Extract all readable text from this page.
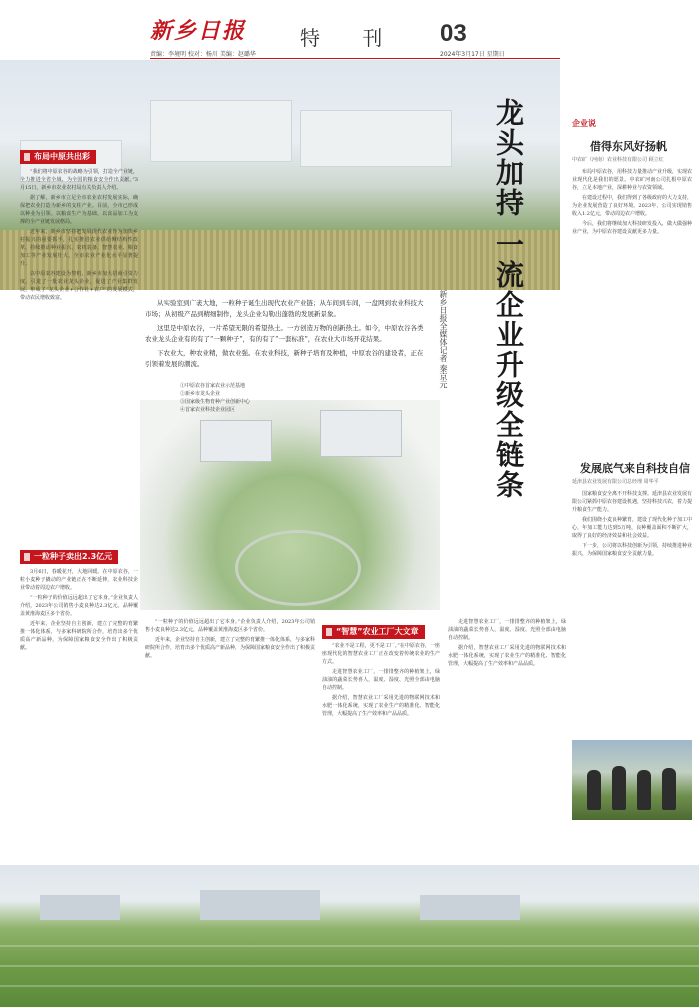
新乡日报	特 刊 03
责编：李境明 校对：杨川 美编：赵璐华	2024年3月17日 星期日
龙头加持 一流企业升级全链条
新乡日报全媒体记者 秦京元
布局中原共出彩

“我们将中原农谷的战略为引领，打造全产业链，全力推进全省全域、为全国的粮食安全作出贡献。”3月15日，新乡市农业农村局有关负责人介绍。

据了解，新乡市立足全市农业农村发展实际，确保把农业打造为新乡的支柱产业。目前，全市已形成以种业为引领、以粮食生产为基础、以食品加工为支撑的全产业链发展格局。

近年来，新乡市坚持把发展现代农业作为加快乡村振兴的重要抓手，扎实推进农业供给侧结构性改革，持续推动种业振兴、农机装备、智慧农业、粮食加工等产业发展壮大，全市农业产业化水平显著提升。

以中原农谷建设为契机，新乡市加大招商引资力度，引进了一批农业龙头企业，促进了产业集群发展，形成了“龙头企业+合作社+农户”的发展模式，带动农民增收致富。

一粒种子卖出2.3亿元

3月6日，春暖花开，大地回暖。在中原农谷，一粒小麦种子撬动的产业链正在不断延伸，农业科技企业带动着周边农户增收。

“一粒种子的价值远远超出了它本身。”企业负责人介绍，2023年公司销售小麦良种达2.3亿元，品种覆盖黄淮海麦区多个省份。

近年来，企业坚持自主创新，建立了完整的育繁推一体化体系，与多家科研院所合作，培育出多个优质高产新品种，为保障国家粮食安全作出了积极贡献。

从实验室到广袤大地，一粒种子诞生出现代农业产业链；从车间到车间，一盘网到农业科技大市场；从初级产品到精细制作，龙头企业勾勒出蓬勃的发展新景象。

这里是中原农谷，一片希望无限的希望热土。一方创造万物的创新热土。如今，中原农谷各类农业龙头企业有的有了“一颗种子”，有的有了“一套标准”，在农业大市场开花结果。

下农业大，种农业精，做农业强。在农业科技，新种子培育及种植，中原农谷的建设者，正在引领着发展的潮流。

①中原农谷首家农业示范基地

②新乡市龙头企业

③国家级生物育种产业创新中心

④首家农业科技企业园区

“一粒种子的价值远远超出了它本身。”企业负责人介绍，2023年公司销售小麦良种达2.3亿元，品种覆盖黄淮海麦区多个省份。

近年来，企业坚持自主创新，建立了完整的育繁推一体化体系，与多家科研院所合作，培育出多个优质高产新品种，为保障国家粮食安全作出了积极贡献。

“智慧”农业工厂大文章

“农业不是工程，更不是工厂。”在中原农谷，一座座现代化的智慧农业工厂正在改变着传统农业的生产方式。

走进智慧农业工厂，一排排整齐的种植架上，绿油油的蔬菜长势喜人，温度、湿度、光照全部由电脑自动控制。

据介绍，智慧农业工厂采用先进的物联网技术和水肥一体化系统，实现了农业生产的精准化、智能化管理，大幅提高了生产效率和产品品质。

走进智慧农业工厂，一排排整齐的种植架上，绿油油的蔬菜长势喜人，温度、湿度、光照全部由电脑自动控制。

据介绍，智慧农业工厂采用先进的物联网技术和水肥一体化系统，实现了农业生产的精准化、智能化管理，大幅提高了生产效率和产品品质。

企业说
借得东风好扬帆
中农矿（河南）农业科技有限公司 顾立红

布局中原农谷，用科技力量推动产业升级，实现农业现代化是我们的愿景。中农矿河南公司扎根中原农谷，立足本地产业，深耕种业与农资领域。

在建设过程中，我们得到了各级政府的大力支持，为企业发展营造了良好环境。2023年，公司实现销售收入1.2亿元，带动周边农户增收。

今后，我们将继续加大科技研发投入，做大做强种业产业，为中原农谷建设贡献更多力量。

发展底气来自科技自信
延津县农业发展有限公司总经理 周华平

国家粮食安全离不开科技支撑。延津县农业发展有限公司紧抓中原农谷建设机遇，坚持科技兴农，着力提升粮食生产能力。

我们围绕小麦良种繁育，建设了现代化种子加工中心，年加工能力达到5万吨，良种覆盖面积不断扩大，取得了良好的经济效益和社会效益。

下一步，公司将以科技创新为引领，持续推进种业振兴，为保障国家粮食安全贡献力量。
